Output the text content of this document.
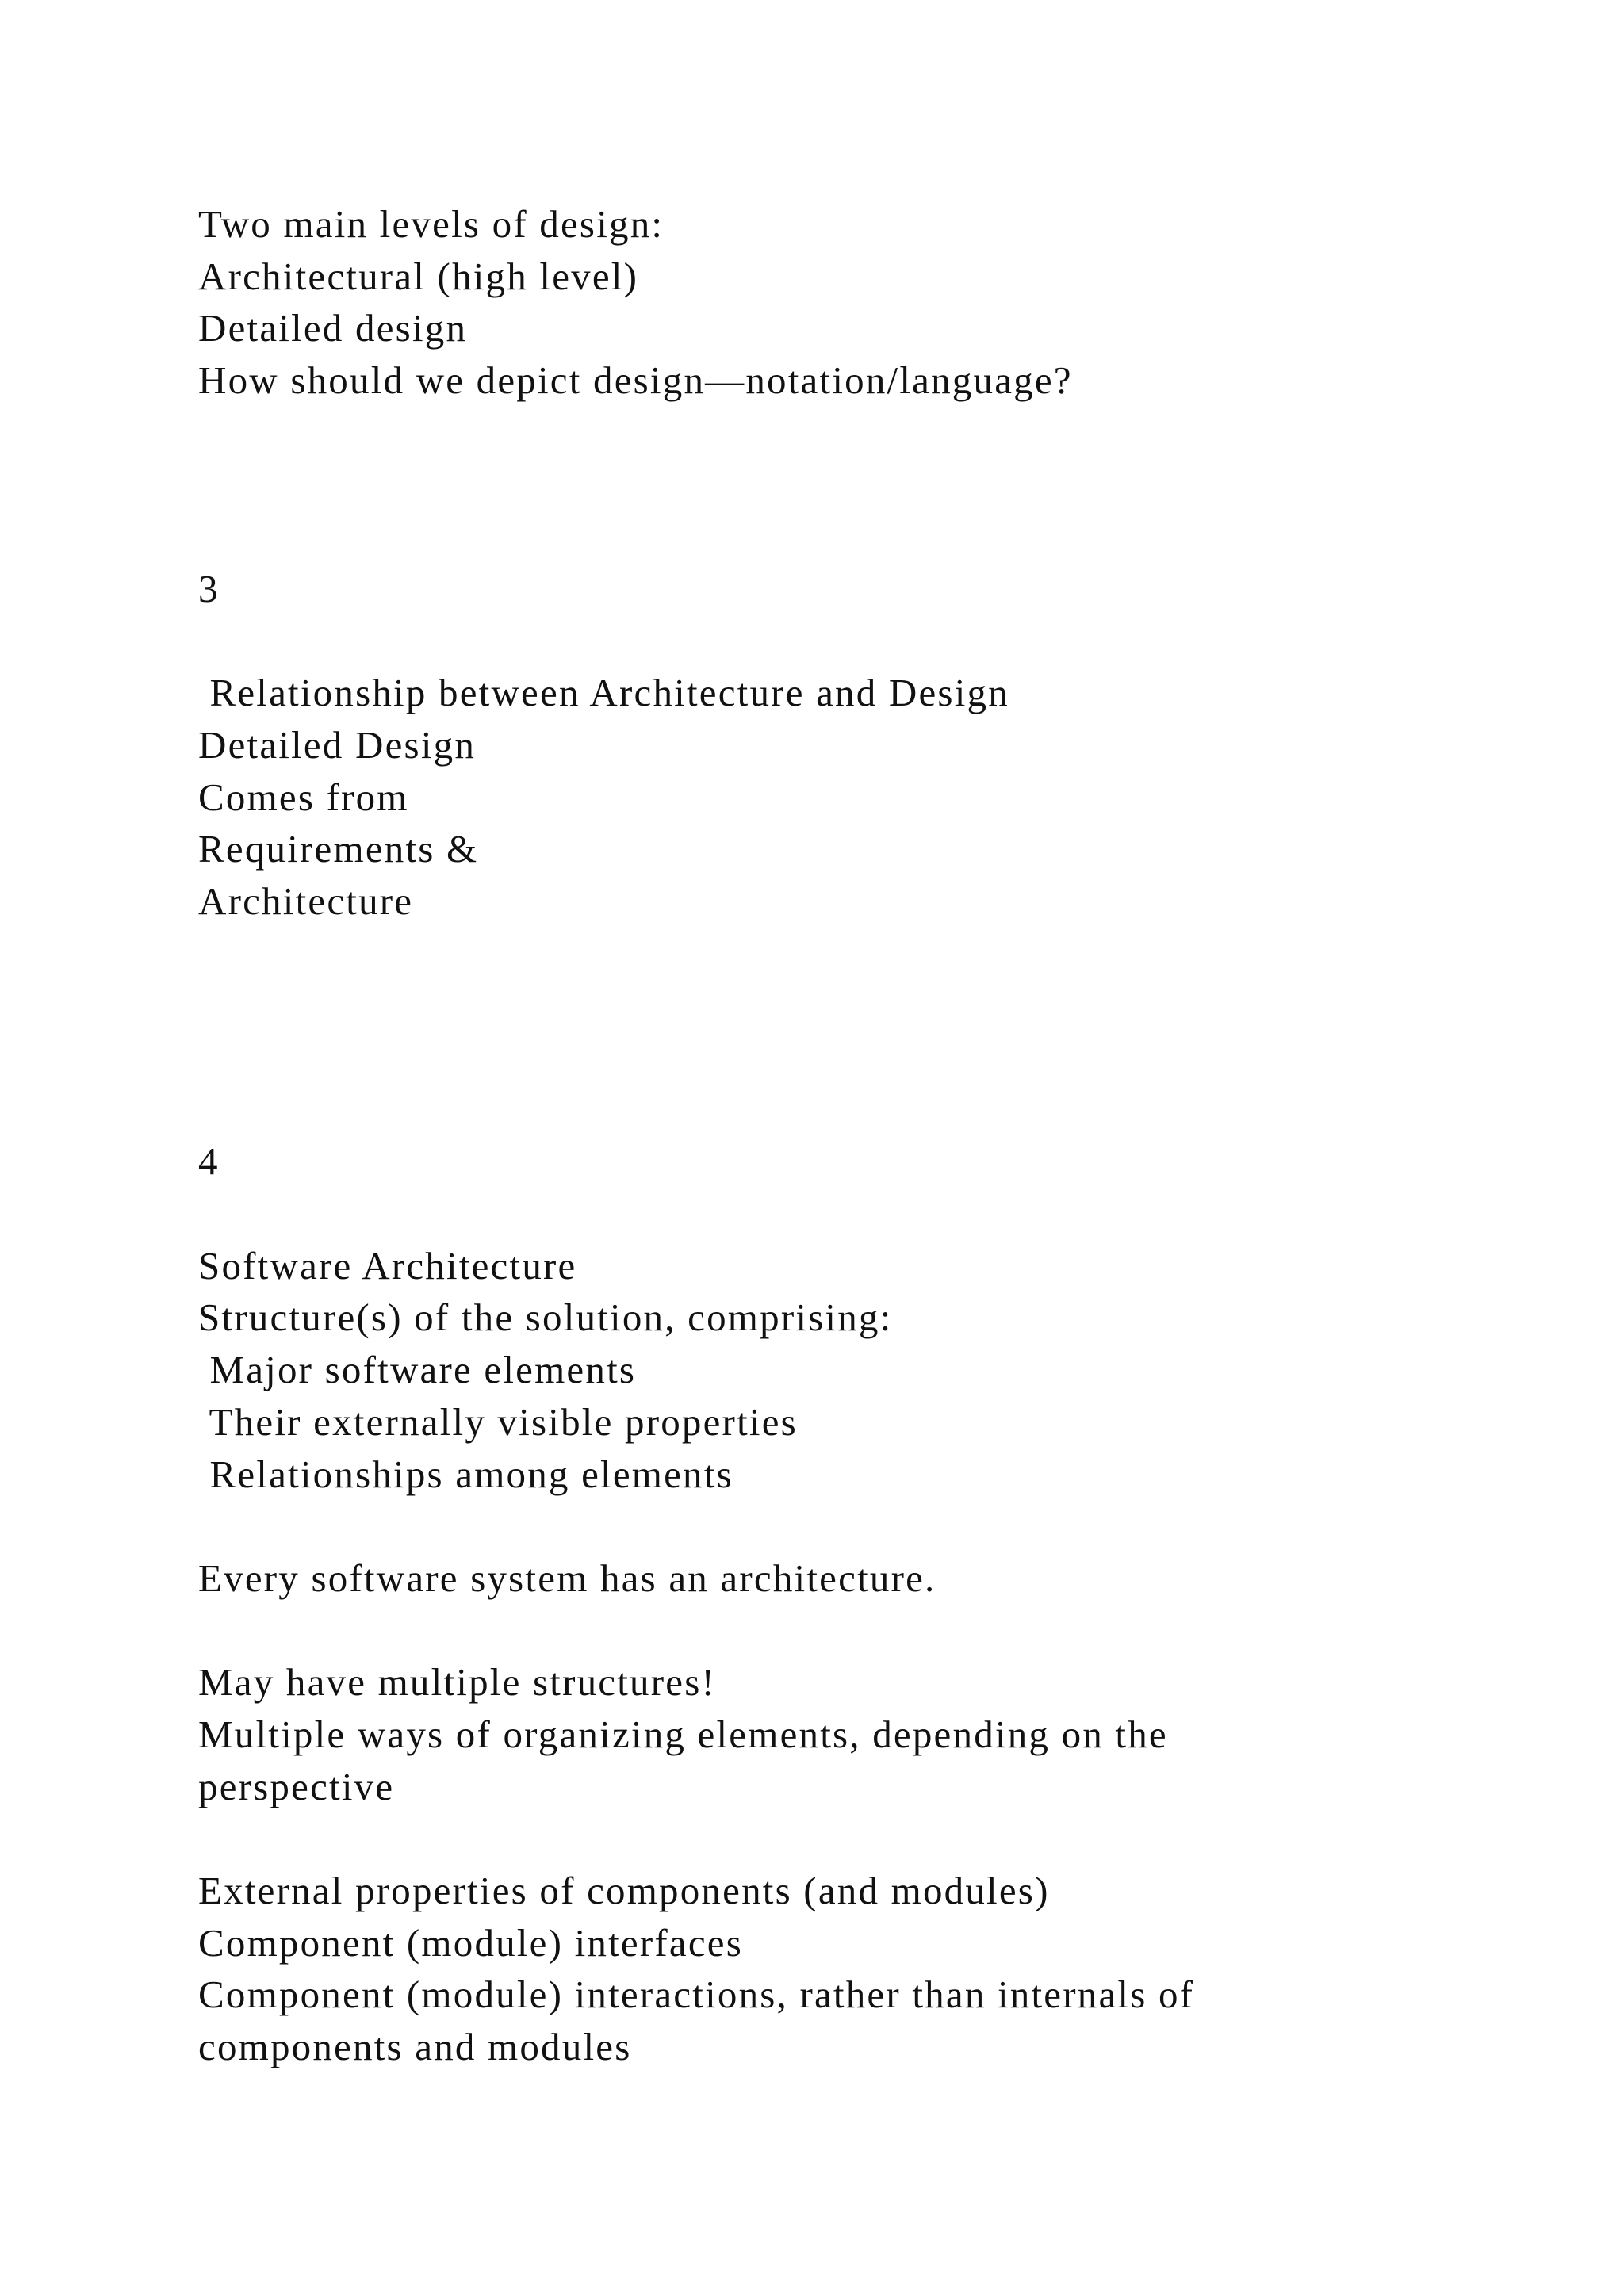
Two main levels of design:
Architectural (high level)
Detailed design
How should we depict design—notation/language?
3
Relationship between Architecture and Design
Detailed Design
Comes from
Requirements &
Architecture
4
Software Architecture
Structure(s) of the solution, comprising:
Major software elements
Their externally visible properties
Relationships among elements
Every software system has an architecture.
May have multiple structures!
Multiple ways of organizing elements, depending on the
perspective
External properties of components (and modules)
Component (module) interfaces
Component (module) interactions, rather than internals of
components and modules
